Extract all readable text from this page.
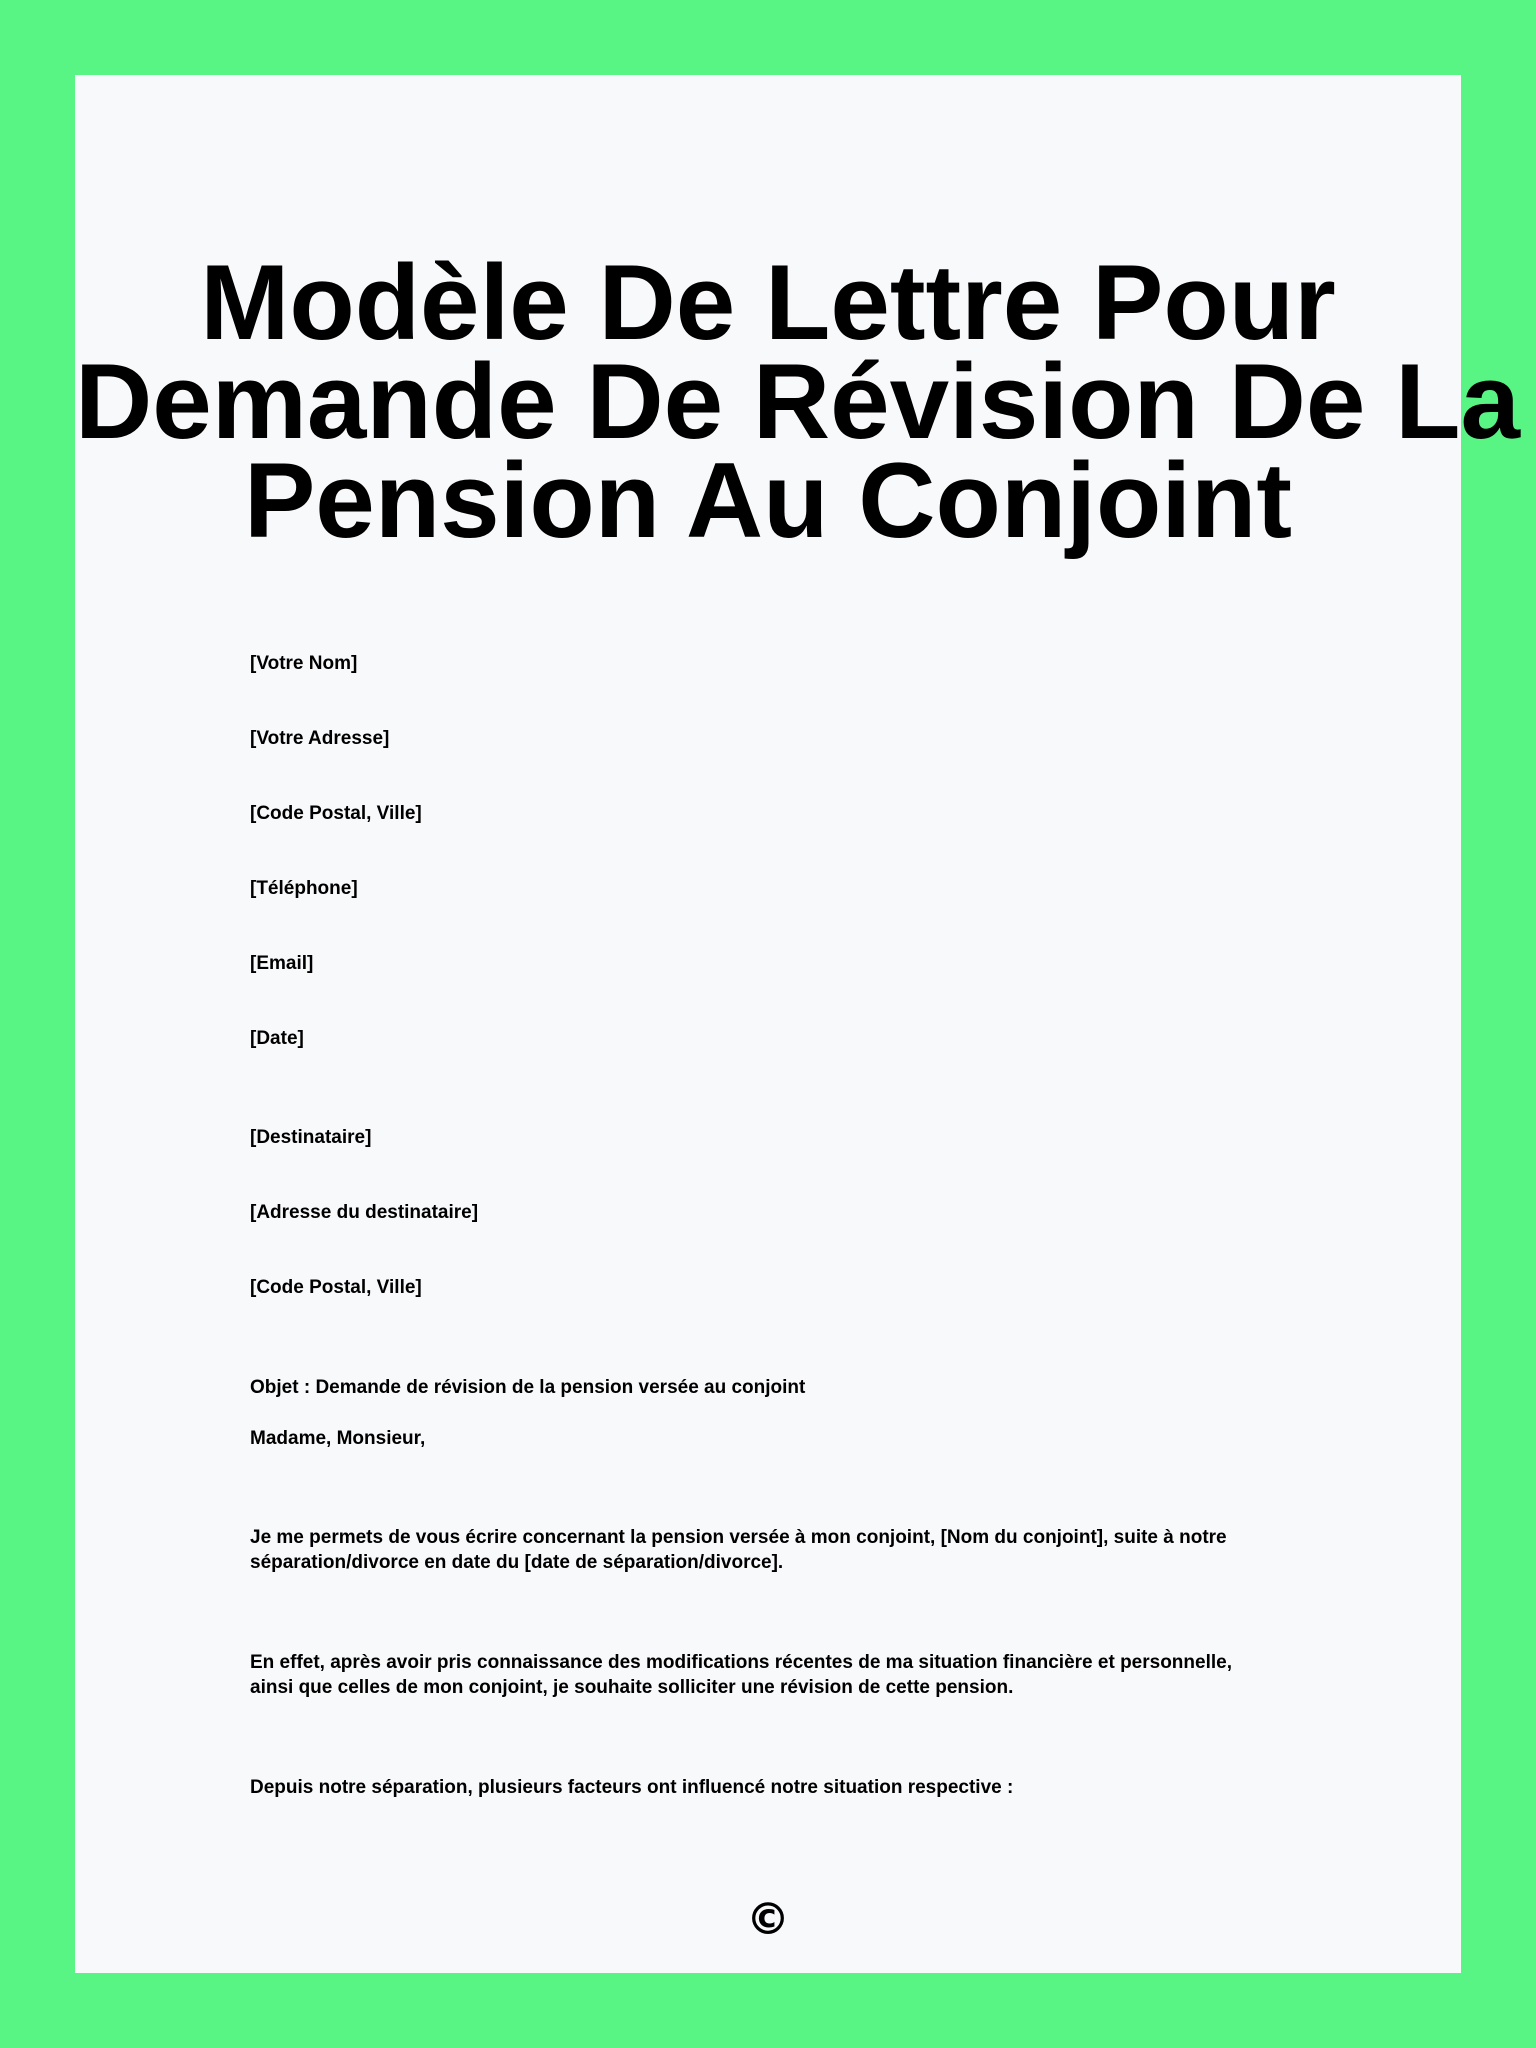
Modèle De Lettre Pour
Demande De Révision De La
Pension Au Conjoint

[Votre Nom]

[Votre Adresse]

[Code Postal, Ville]

[Téléphone]

[Email]

[Date]

[Destinataire]

[Adresse du destinataire]

[Code Postal, Ville]

Objet : Demande de révision de la pension versée au conjoint

Madame, Monsieur,

Je me permets de vous écrire concernant la pension versée à mon conjoint, [Nom du conjoint], suite à notre séparation/divorce en date du [date de séparation/divorce].

En effet, après avoir pris connaissance des modifications récentes de ma situation financière et personnelle, ainsi que celles de mon conjoint, je souhaite solliciter une révision de cette pension.

Depuis notre séparation, plusieurs facteurs ont influencé notre situation respective :

©
